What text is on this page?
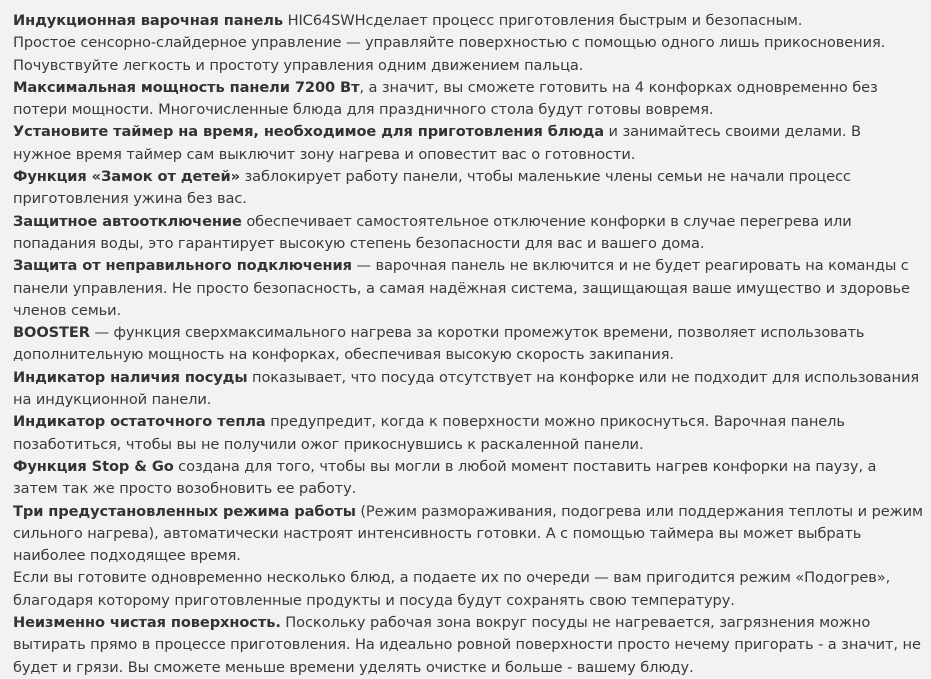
Индукционная варочная панель HIC64SWHсделает процесс приготовления быстрым и безопасным.
Простое сенсорно-слайдерное управление — управляйте поверхностью с помощью одного лишь прикосновения. Почувствуйте легкость и простоту управления одним движением пальца.

Максимальная мощность панели 7200 Вт, а значит, вы сможете готовить на 4 конфорках одновременно без потери мощности. Многочисленные блюда для праздничного стола будут готовы вовремя.

Установите таймер на время, необходимое для приготовления блюда и занимайтесь своими делами. В нужное время таймер сам выключит зону нагрева и оповестит вас о готовности.

Функция «Замок от детей» заблокирует работу панели, чтобы маленькие члены семьи не начали процесс приготовления ужина без вас.

Защитное автоотключение обеспечивает самостоятельное отключение конфорки в случае перегрева или попадания воды, это гарантирует высокую степень безопасности для вас и вашего дома.

Защита от неправильного подключения — варочная панель не включится и не будет реагировать на команды с панели управления. Не просто безопасность, а самая надёжная система, защищающая ваше имущество и здоровье членов семьи.

BOOSTER — функция сверхмаксимального нагрева за коротки промежуток времени, позволяет использовать дополнительную мощность на конфорках, обеспечивая высокую скорость закипания.

Индикатор наличия посуды показывает, что посуда отсутствует на конфорке или не подходит для использования на индукционной панели.

Индикатор остаточного тепла предупредит, когда к поверхности можно прикоснуться. Варочная панель позаботиться, чтобы вы не получили ожог прикоснувшись к раскаленной панели.

Функция Stop & Go создана для того, чтобы вы могли в любой момент поставить нагрев конфорки на паузу, а затем так же просто возобновить ее работу.

Три предустановленных режима работы (Режим размораживания, подогрева или поддержания теплоты и режим сильного нагрева), автоматически настроят интенсивность готовки. А с помощью таймера вы может выбрать наиболее подходящее время.
Если вы готовите одновременно несколько блюд, а подаете их по очереди — вам пригодится режим «Подогрев», благодаря которому приготовленные продукты и посуда будут сохранять свою температуру.

Неизменно чистая поверхность. Поскольку рабочая зона вокруг посуды не нагревается, загрязнения можно вытирать прямо в процессе приготовления. На идеально ровной поверхности просто нечему пригорать - а значит, не будет и грязи. Вы сможете меньше времени уделять очистке и больше - вашему блюду.
